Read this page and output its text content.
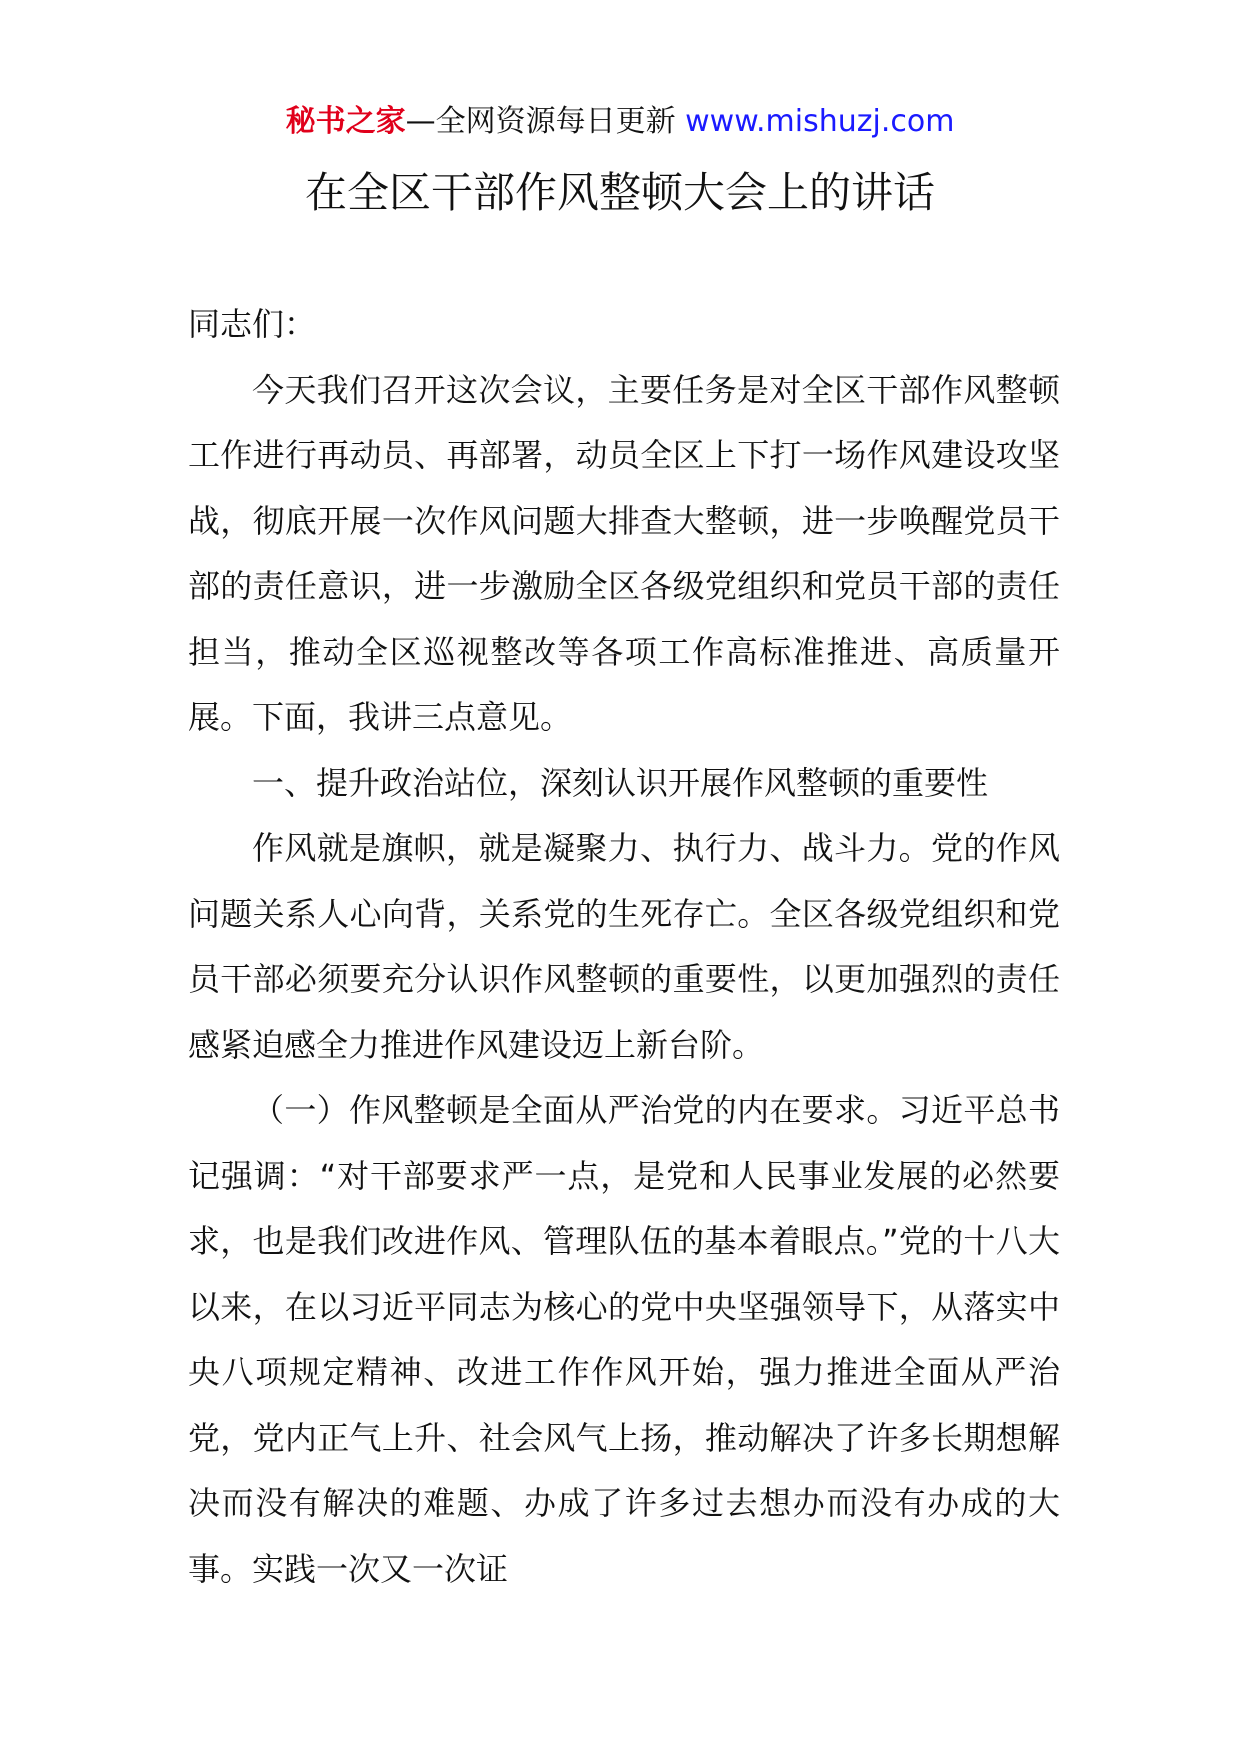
秘书之家—全网资源每日更新 www.mishuzj.com
在全区干部作风整顿大会上的讲话

同志们：

今天我们召开这次会议，主要任务是对全区干部作风整顿工作进行再动员、再部署，动员全区上下打一场作风建设攻坚战，彻底开展一次作风问题大排查大整顿，进一步唤醒党员干部的责任意识，进一步激励全区各级党组织和党员干部的责任担当，推动全区巡视整改等各项工作高标准推进、高质量开展。下面，我讲三点意见。

一、提升政治站位，深刻认识开展作风整顿的重要性

作风就是旗帜，就是凝聚力、执行力、战斗力。党的作风问题关系人心向背，关系党的生死存亡。全区各级党组织和党员干部必须要充分认识作风整顿的重要性，以更加强烈的责任感紧迫感全力推进作风建设迈上新台阶。

（一）作风整顿是全面从严治党的内在要求。习近平总书记强调：“对干部要求严一点，是党和人民事业发展的必然要求，也是我们改进作风、管理队伍的基本着眼点。”党的十八大以来，在以习近平同志为核心的党中央坚强领导下，从落实中央八项规定精神、改进工作作风开始，强力推进全面从严治党，党内正气上升、社会风气上扬，推动解决了许多长期想解决而没有解决的难题、办成了许多过去想办而没有办成的大事。实践一次又一次证
